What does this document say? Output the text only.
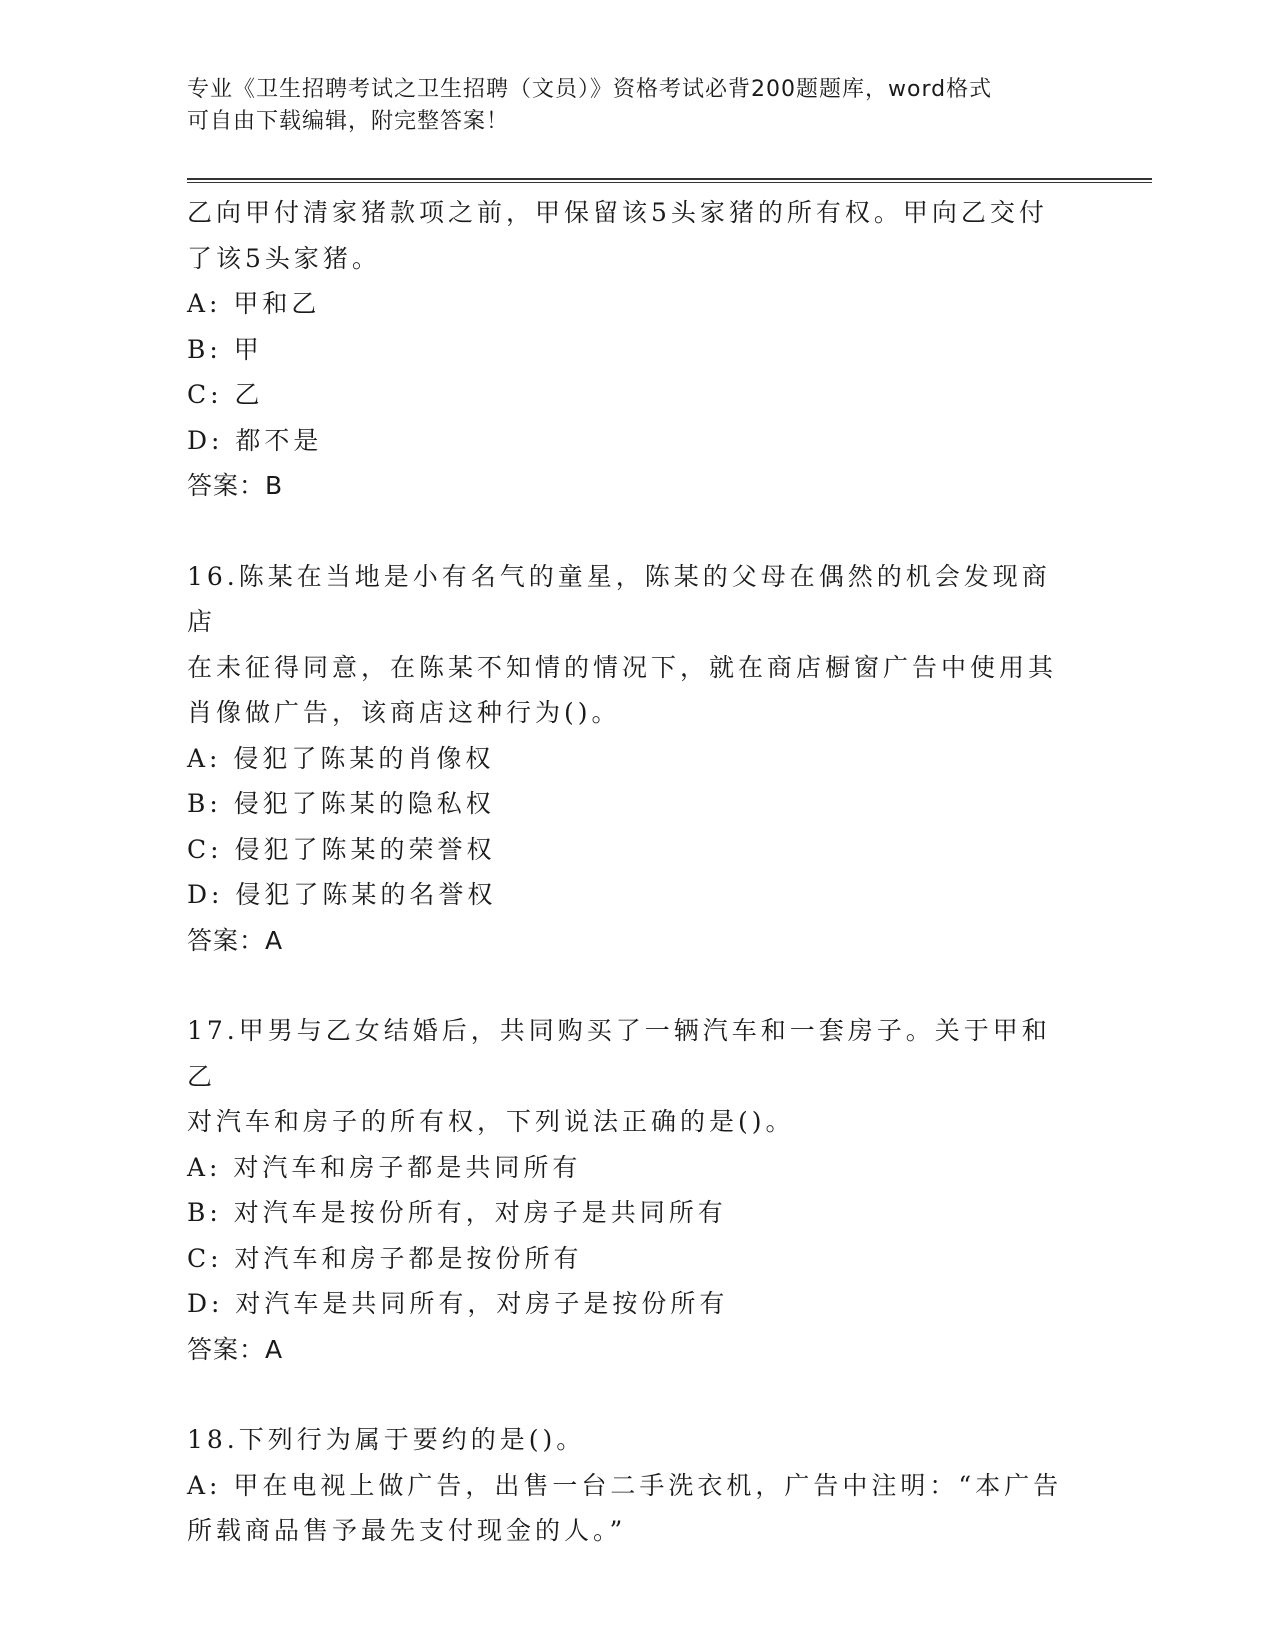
专业《卫生招聘考试之卫生招聘（文员）》资格考试必背200题题库，word格式
可自由下载编辑，附完整答案！

乙向甲付清家猪款项之前，甲保留该5头家猪的所有权。甲向乙交付

了该5头家猪。

A: 甲和乙

B: 甲

C: 乙

D: 都不是

答案：B

16.陈某在当地是小有名气的童星，陈某的父母在偶然的机会发现商店

在未征得同意，在陈某不知情的情况下，就在商店橱窗广告中使用其

肖像做广告，该商店这种行为()。

A: 侵犯了陈某的肖像权

B: 侵犯了陈某的隐私权

C: 侵犯了陈某的荣誉权

D: 侵犯了陈某的名誉权

答案：A

17.甲男与乙女结婚后，共同购买了一辆汽车和一套房子。关于甲和乙

对汽车和房子的所有权，下列说法正确的是()。

A: 对汽车和房子都是共同所有

B: 对汽车是按份所有，对房子是共同所有

C: 对汽车和房子都是按份所有

D: 对汽车是共同所有，对房子是按份所有

答案：A

18.下列行为属于要约的是()。

A: 甲在电视上做广告，出售一台二手洗衣机，广告中注明：“本广告

所载商品售予最先支付现金的人。”
